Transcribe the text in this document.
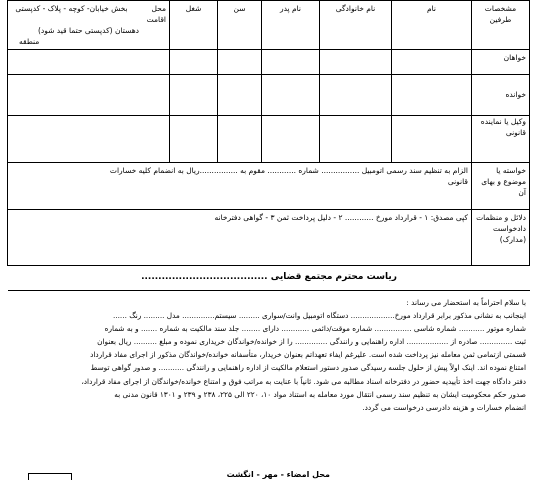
مشخصات طرفین	نام	نام خانوادگی	نام پدر	سن	شغل	محل اقامت
بخش خیابان- کوچه - پلاک - کدپستی
دهستان (کدپستی حتما قید شود)
منطقه

خواهان						
خوانده						
وکیل یا نماینده قانونی						
خواسته یا موضوع و بهای آن	الزام به تنظیم سند رسمی اتومبیل ................ شماره ............ مقوم به ................ریال به انضمام کلیه خسارات
قانونی					

دلائل و منظمات دادخواست (مدارک)	کپی مصدق: ۱ - قرارداد مورخ ............ ۲ - دلیل پرداخت ثمن ۳ - گواهی دفترخانه					
ریاست محترم مجتمع قضایی .....................................
با سلام احتراماً به استحضار می رساند :
اینجانب به نشانی مذکور برابر قرارداد مورخ................... دستگاه اتومبیل وانت/سواری ......... سیستم.............. مدل ......... رنگ ......
شماره موتور ........... شماره شاسی ................ شماره موقت/دائمی ............ دارای ........ جلد سند مالکیت به شماره ....... و به شماره
ثبت .............. صادره از .................. اداره راهنمایی و رانندگی .............. را از خوانده/خواندگان خریداری نموده و مبلغ .......... ریال بعنوان
قسمتی ازتمامی ثمن معامله نیز پرداخت شده است. علیرغم ایفاء تعهداتم بعنوان خریدار، متأسفانه خوانده/خواندگان مذکور از اجرای مفاد قرارداد
امتناع نموده اند. اینک اولاً پیش از حلول جلسه رسیدگی صدور دستور استعلام مالکیت از اداره راهنمایی و رانندگی ........... و صدور گواهی توسط
دفتر دادگاه جهت اخذ تأییدیه حضور در دفترخانه اسناد مطالبه می شود. ثانیاً با عنایت به مراتب فوق و امتناع خوانده/خواندگان از اجرای مفاد قرارداد،
صدور حکم محکومیت ایشان به تنظیم سند رسمی انتقال مورد معامله به استناد مواد ۱۰، ۲۲۰ الی ۲۲۵، ۲۳۸ و ۲۳۹ و ۱۳۰۱ قانون مدنی به
انضمام خسارات و هزینه دادرسی درخواست می گردد.
محل امضاء - مهر - انگشت
